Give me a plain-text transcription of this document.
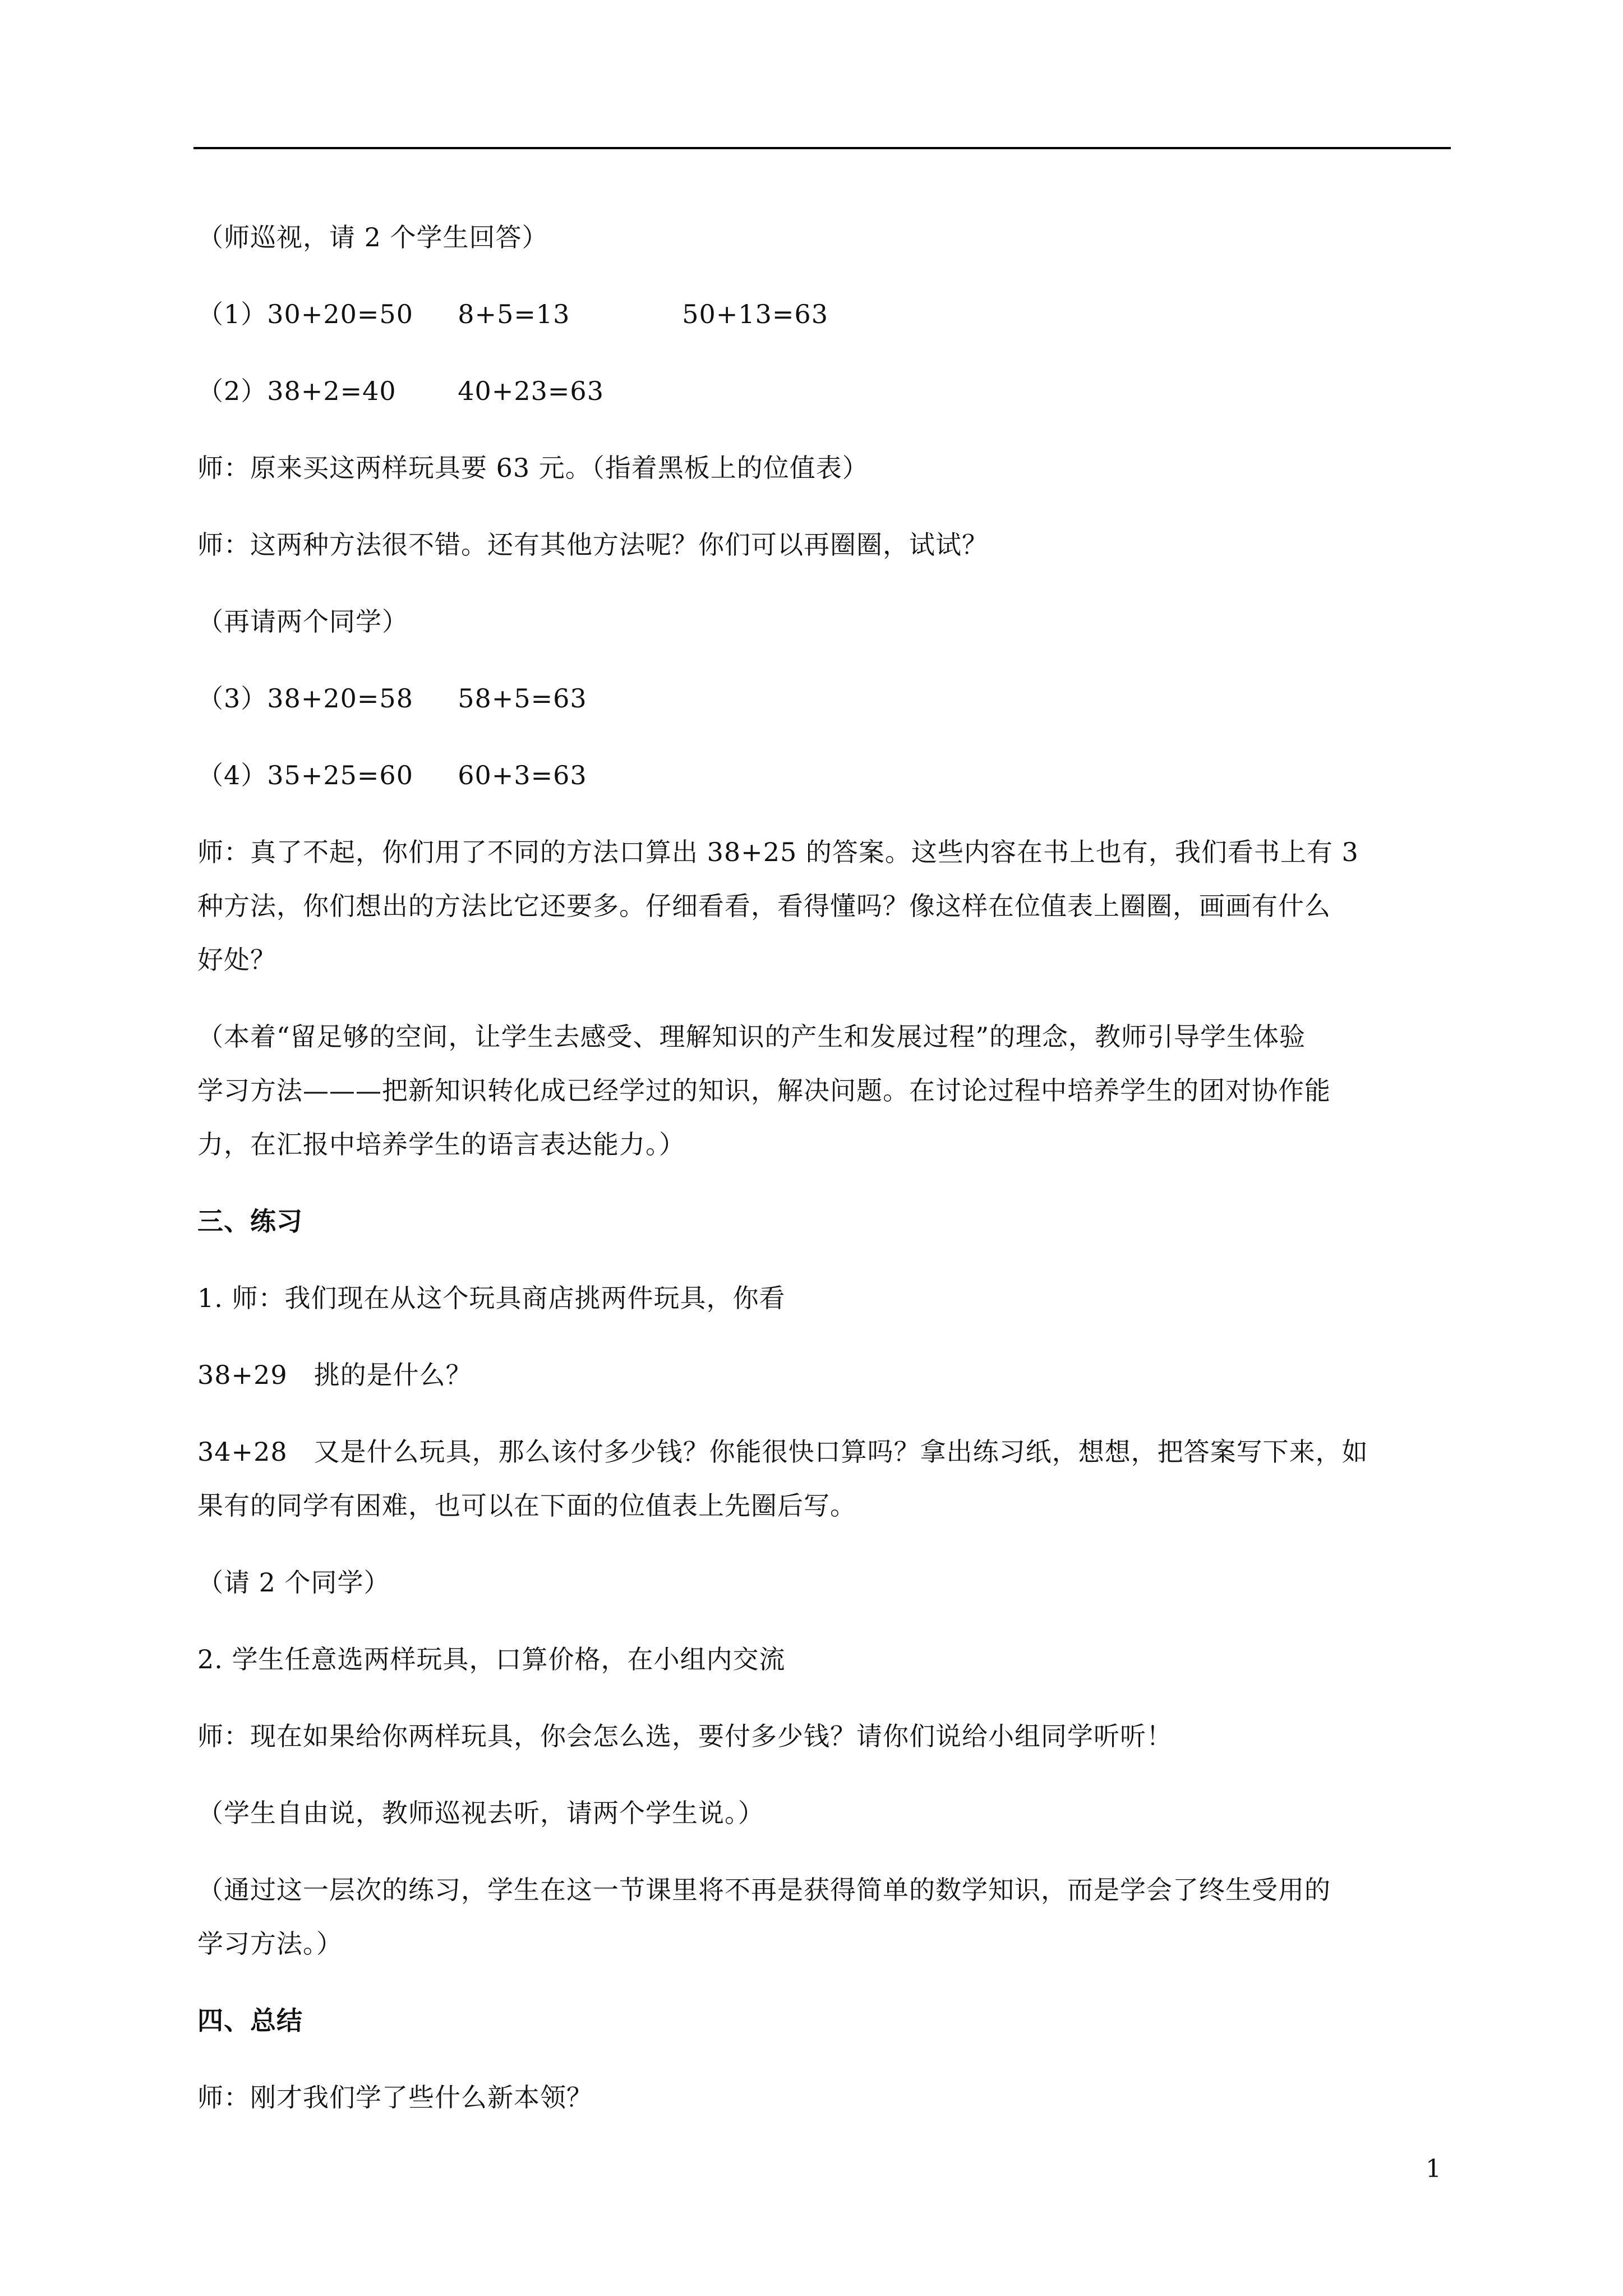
（师巡视，请 2 个学生回答）
（1）30+20=50 8+5=13	50+13=63
（2）38+2=40 40+23=63
师：原来买这两样玩具要 63 元。（指着黑板上的位值表）
师：这两种方法很不错。还有其他方法呢？你们可以再圈圈，试试？
（再请两个同学）
（3）38+20=58 58+5=63
（4）35+25=60 60+3=63
师：真了不起，你们用了不同的方法口算出 38+25 的答案。这些内容在书上也有，我们看书上有 3
种方法，你们想出的方法比它还要多。仔细看看，看得懂吗？像这样在位值表上圈圈，画画有什么
好处？
（本着“留足够的空间，让学生去感受、理解知识的产生和发展过程”的理念，教师引导学生体验
学习方法———把新知识转化成已经学过的知识，解决问题。在讨论过程中培养学生的团对协作能
力，在汇报中培养学生的语言表达能力。）
三、练习
1. 师：我们现在从这个玩具商店挑两件玩具，你看
38+29　挑的是什么？
34+28　又是什么玩具，那么该付多少钱？你能很快口算吗？拿出练习纸，想想，把答案写下来，如
果有的同学有困难，也可以在下面的位值表上先圈后写。
（请 2 个同学）
2. 学生任意选两样玩具，口算价格，在小组内交流
师：现在如果给你两样玩具，你会怎么选，要付多少钱？请你们说给小组同学听听！
（学生自由说，教师巡视去听，请两个学生说。）
（通过这一层次的练习，学生在这一节课里将不再是获得简单的数学知识，而是学会了终生受用的
学习方法。）
四、总结
师：刚才我们学了些什么新本领？
1
